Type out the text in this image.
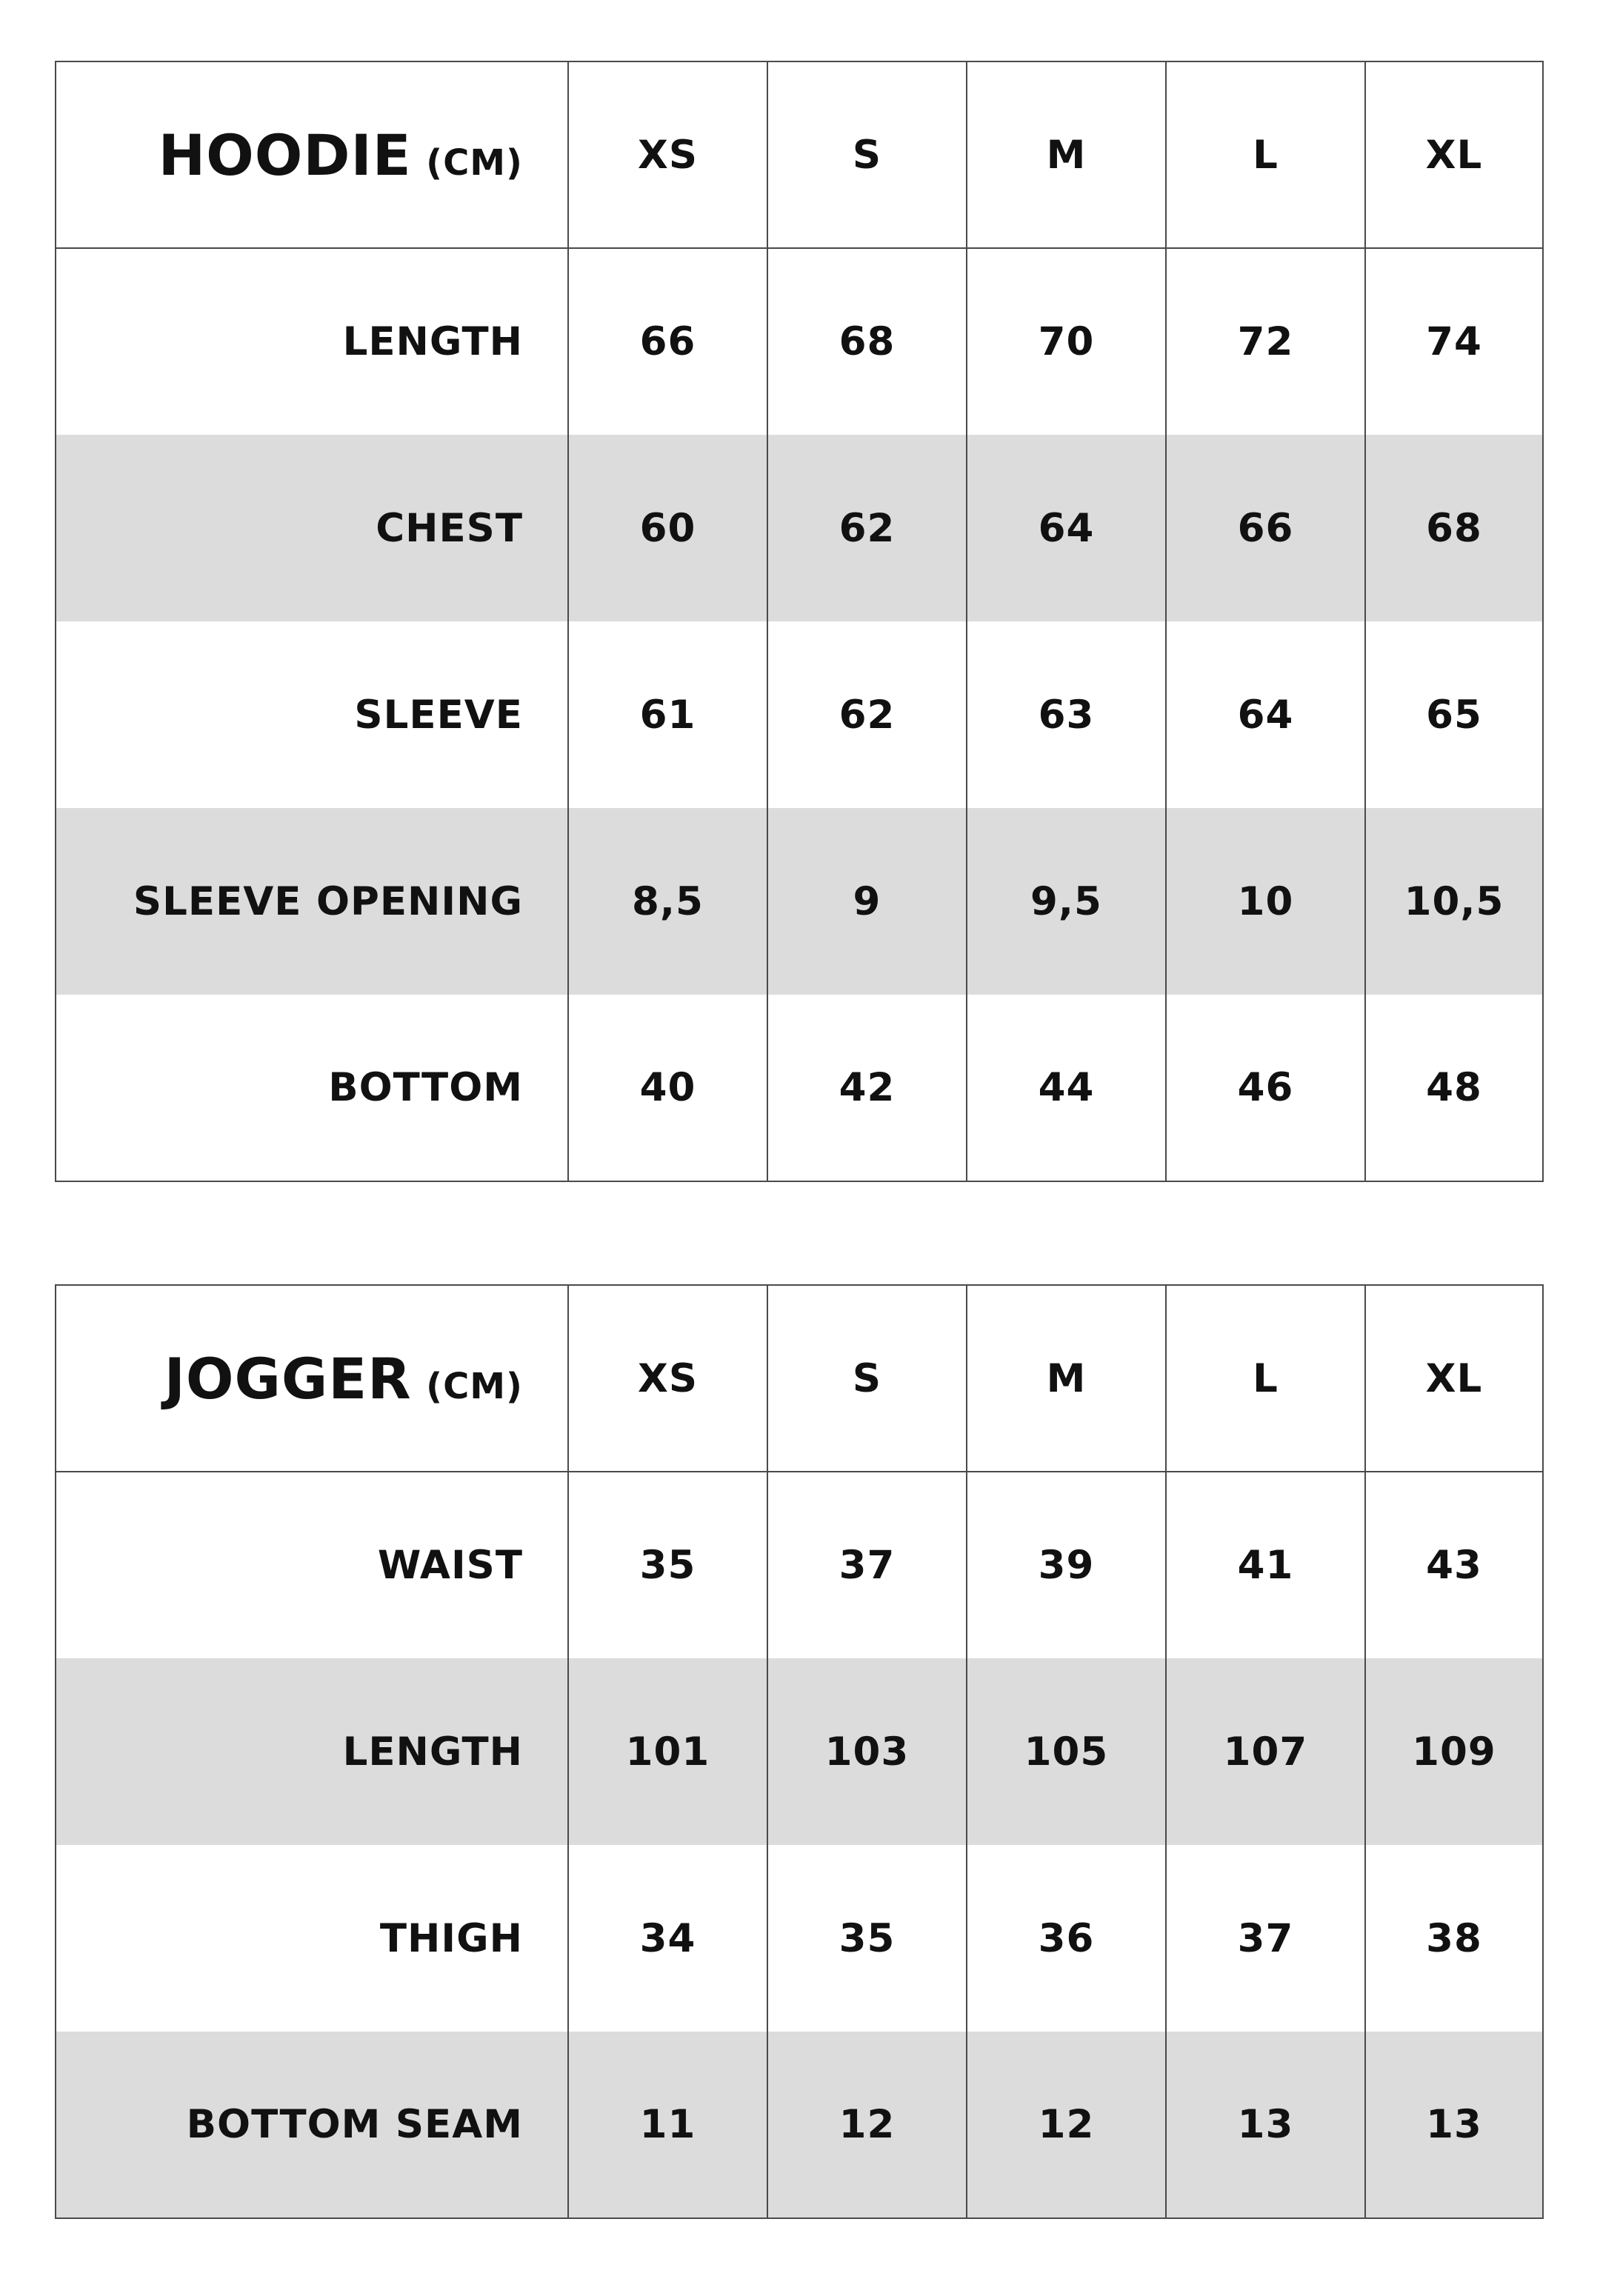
HOODIE (CM)	XS	S	M	L	XL
LENGTH	66	68	70	72	74
CHEST	60	62	64	66	68
SLEEVE	61	62	63	64	65
SLEEVE OPENING	8,5	9	9,5	10	10,5
BOTTOM	40	42	44	46	48
JOGGER (CM)	XS	S	M	L	XL
WAIST	35	37	39	41	43
LENGTH	101	103	105	107	109
THIGH	34	35	36	37	38
BOTTOM SEAM	11	12	12	13	13
